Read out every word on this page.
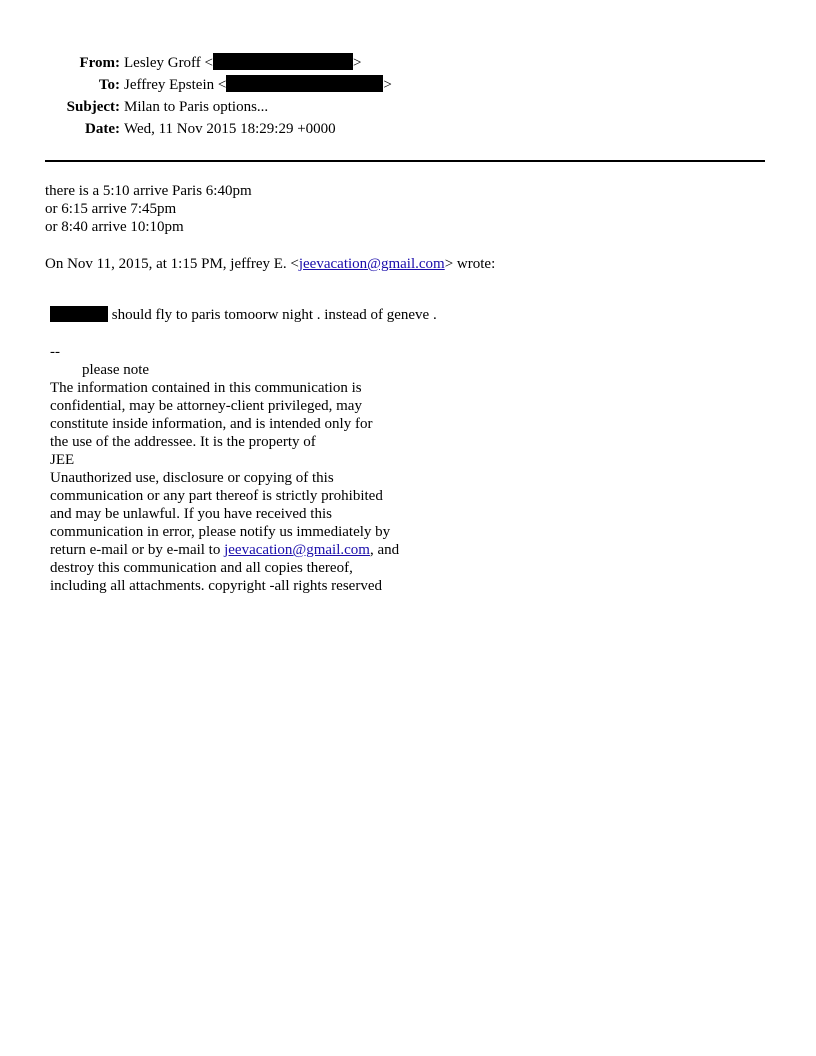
From: Lesley Groff <	>
To: Jeffrey Epstein <	>
Subject: Milan to Paris options...
Date: Wed, 11 Nov 2015 18:29:29 +0000
there is a 5:10 arrive Paris 6:40pm
or 6:15 arrive 7:45pm
or 8:40 arrive 10:10pm
On Nov 11, 2015, at 1:15 PM, jeffrey E. <jeevacation@gmail.com> wrote:
should fly to paris tomoorw night . instead of geneve .
--
please note
The information contained in this communication is
confidential, may be attorney-client privileged, may
constitute inside information, and is intended only for
the use of the addressee. It is the property of
JEE
Unauthorized use, disclosure or copying of this
communication or any part thereof is strictly prohibited
and may be unlawful. If you have received this
communication in error, please notify us immediately by
return e-mail or by e-mail to jeevacation@gmail.com, and
destroy this communication and all copies thereof,
including all attachments. copyright -all rights reserved
